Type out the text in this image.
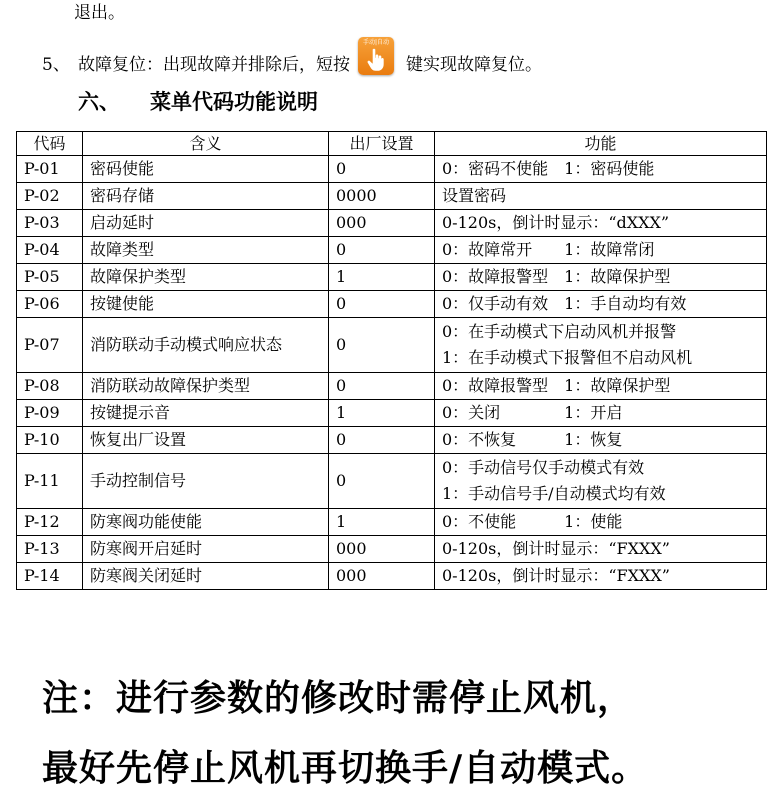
退出。
5、 故障复位：出现故障并排除后，短按
手动|自动
键实现故障复位。
六、 菜单代码功能说明
代码	含义	出厂设置	功能
P-01	密码使能	0	0：密码不使能　1：密码使能

P-02	密码存储	0000	设置密码

P-03	启动延时	000	0-120s，倒计时显示：“dXXX”

P-04	故障类型	0	0：故障常开　　1：故障常闭

P-05	故障保护类型	1	0：故障报警型　1：故障保护型

P-06	按键使能	0	0：仅手动有效　1：手自动均有效

P-07	消防联动手动模式响应状态	0	0：在手动模式下启动风机并报警
1：在手动模式下报警但不启动风机

P-08	消防联动故障保护类型	0	0：故障报警型　1：故障保护型

P-09	按键提示音	1	0：关闭　　　　1：开启

P-10	恢复出厂设置	0	0：不恢复　　　1：恢复

P-11	手动控制信号	0	0：手动信号仅手动模式有效
1：手动信号手/自动模式均有效

P-12	防寒阀功能使能	1	0：不使能　　　1：使能

P-13	防寒阀开启延时	000	0-120s，倒计时显示：“FXXX”

P-14	防寒阀关闭延时	000	0-120s，倒计时显示：“FXXX”
注：进行参数的修改时需停止风机，
最好先停止风机再切换手/自动模式。
